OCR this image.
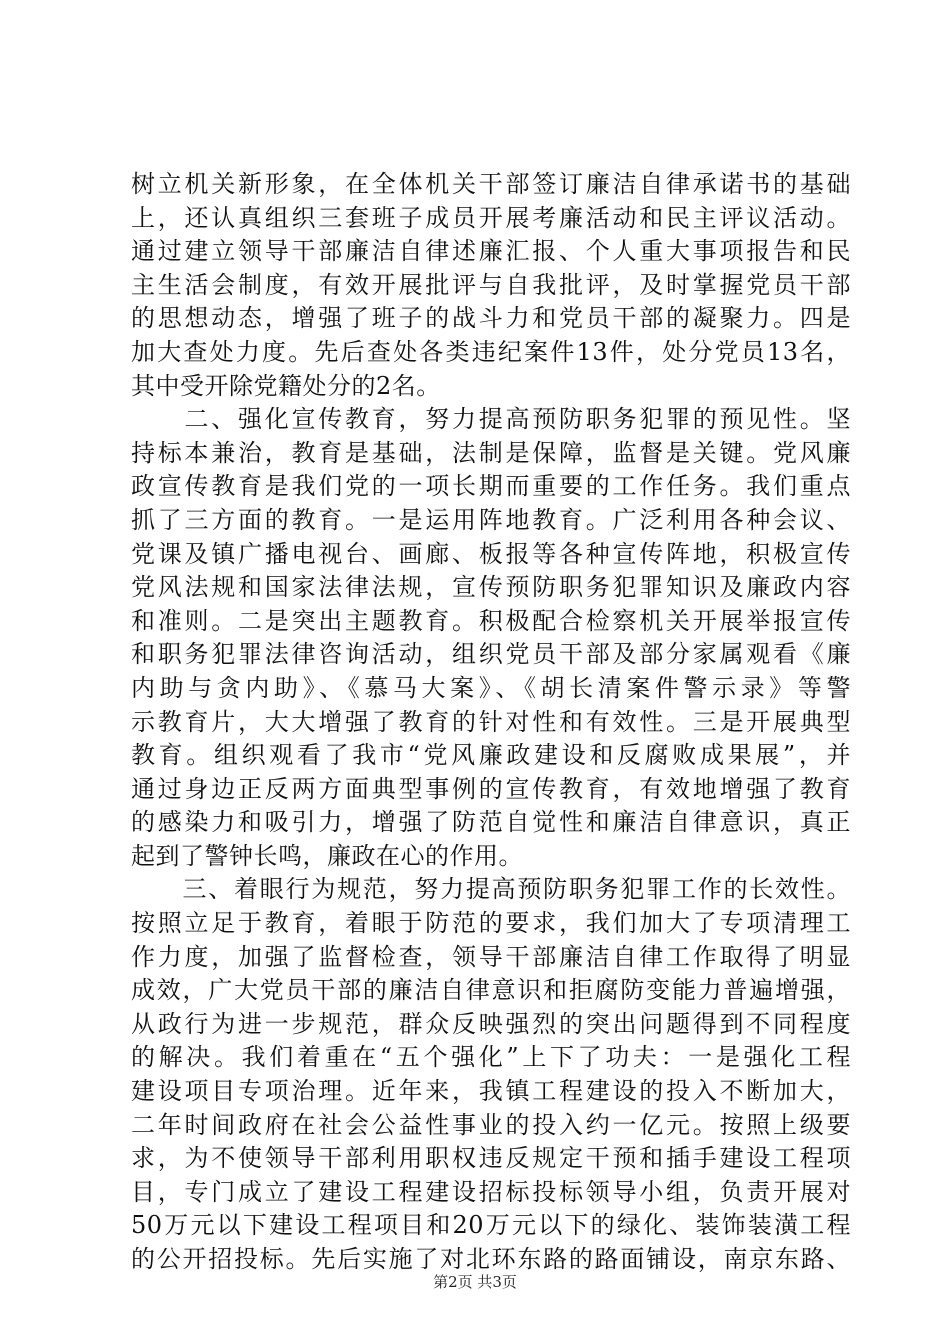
树立机关新形象，在全体机关干部签订廉洁自律承诺书的基础
上，还认真组织三套班子成员开展考廉活动和民主评议活动。
通过建立领导干部廉洁自律述廉汇报、个人重大事项报告和民
主生活会制度，有效开展批评与自我批评，及时掌握党员干部
的思想动态，增强了班子的战斗力和党员干部的凝聚力。四是
加大查处力度。先后查处各类违纪案件13件，处分党员13名，
其中受开除党籍处分的2名。
　　二、强化宣传教育，努力提高预防职务犯罪的预见性。坚
持标本兼治，教育是基础，法制是保障，监督是关键。党风廉
政宣传教育是我们党的一项长期而重要的工作任务。我们重点
抓了三方面的教育。一是运用阵地教育。广泛利用各种会议、
党课及镇广播电视台、画廊、板报等各种宣传阵地，积极宣传
党风法规和国家法律法规，宣传预防职务犯罪知识及廉政内容
和准则。二是突出主题教育。积极配合检察机关开展举报宣传
和职务犯罪法律咨询活动，组织党员干部及部分家属观看《廉
内助与贪内助》、《慕马大案》、《胡长清案件警示录》等警
示教育片，大大增强了教育的针对性和有效性。三是开展典型
教育。组织观看了我市“党风廉政建设和反腐败成果展”，并
通过身边正反两方面典型事例的宣传教育，有效地增强了教育
的感染力和吸引力，增强了防范自觉性和廉洁自律意识，真正
起到了警钟长鸣，廉政在心的作用。
　　三、着眼行为规范，努力提高预防职务犯罪工作的长效性。
按照立足于教育，着眼于防范的要求，我们加大了专项清理工
作力度，加强了监督检查，领导干部廉洁自律工作取得了明显
成效，广大党员干部的廉洁自律意识和拒腐防变能力普遍增强，
从政行为进一步规范，群众反映强烈的突出问题得到不同程度
的解决。我们着重在“五个强化”上下了功夫：一是强化工程
建设项目专项治理。近年来，我镇工程建设的投入不断加大，
二年时间政府在社会公益性事业的投入约一亿元。按照上级要
求，为不使领导干部利用职权违反规定干预和插手建设工程项
目，专门成立了建设工程建设招标投标领导小组，负责开展对
50万元以下建设工程项目和20万元以下的绿化、装饰装潢工程
的公开招投标。先后实施了对北环东路的路面铺设，南京东路、
第2页 共3页
